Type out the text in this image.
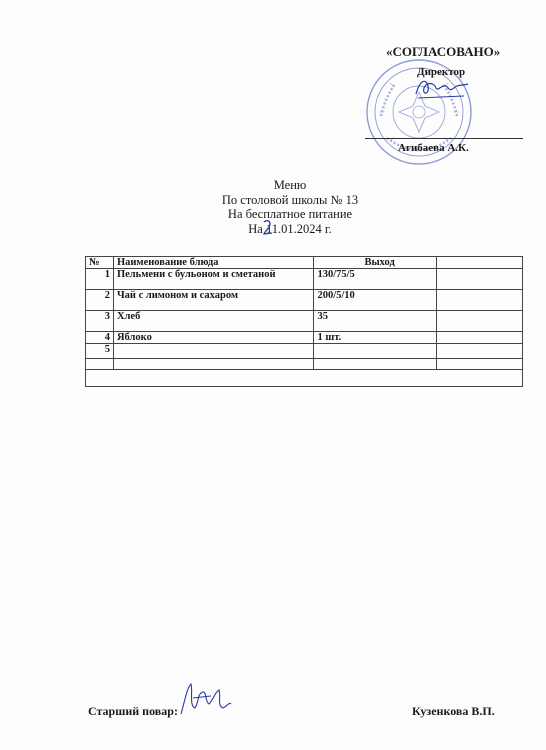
«СОГЛАСОВАНО»
Директор
Агибаева А.К.
Меню
По столовой школы № 13
На бесплатное питание
На 11.01.2024 г.
№	Наименование блюда	Выход	
1	Пельмени с бульоном и сметаной	130/75/5	
2	Чай с лимоном и сахаром	200/5/10	
3	Хлеб	35	
4	Яблоко	1 шт.	
5			

Старший повар:	Кузенкова В.П.
